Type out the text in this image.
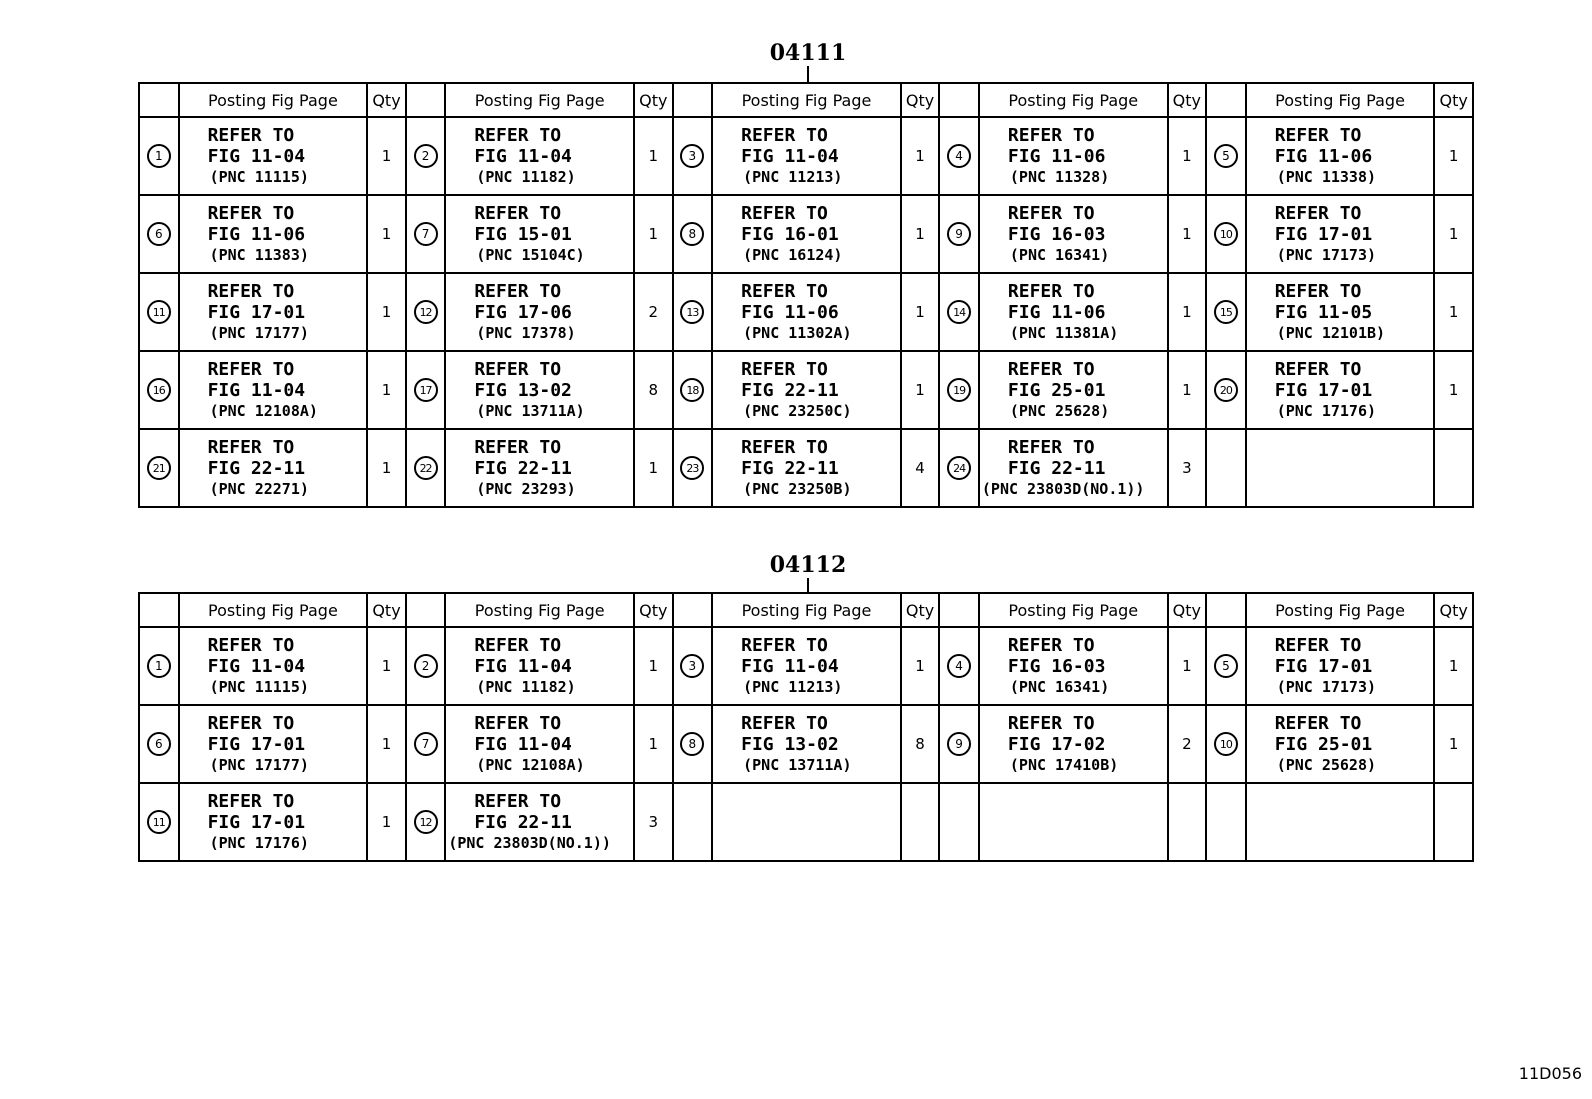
04111
	Posting Fig Page	Qty		Posting Fig Page	Qty		Posting Fig Page	Qty		Posting Fig Page	Qty		Posting Fig Page	Qty
1	REFER TO
FIG 11-04
(PNC 11115)	1	2	REFER TO
FIG 11-04
(PNC 11182)	1	3	REFER TO
FIG 11-04
(PNC 11213)	1	4	REFER TO
FIG 11-06
(PNC 11328)	1	5	REFER TO
FIG 11-06
(PNC 11338)	1
6	REFER TO
FIG 11-06
(PNC 11383)	1	7	REFER TO
FIG 15-01
(PNC 15104C)	1	8	REFER TO
FIG 16-01
(PNC 16124)	1	9	REFER TO
FIG 16-03
(PNC 16341)	1	10	REFER TO
FIG 17-01
(PNC 17173)	1
11	REFER TO
FIG 17-01
(PNC 17177)	1	12	REFER TO
FIG 17-06
(PNC 17378)	2	13	REFER TO
FIG 11-06
(PNC 11302A)	1	14	REFER TO
FIG 11-06
(PNC 11381A)	1	15	REFER TO
FIG 11-05
(PNC 12101B)	1
16	REFER TO
FIG 11-04
(PNC 12108A)	1	17	REFER TO
FIG 13-02
(PNC 13711A)	8	18	REFER TO
FIG 22-11
(PNC 23250C)	1	19	REFER TO
FIG 25-01
(PNC 25628)	1	20	REFER TO
FIG 17-01
(PNC 17176)	1
21	REFER TO
FIG 22-11
(PNC 22271)	1	22	REFER TO
FIG 22-11
(PNC 23293)	1	23	REFER TO
FIG 22-11
(PNC 23250B)	4	24	REFER TO
FIG 22-11
(PNC 23803D(NO.1))	3			
04112
	Posting Fig Page	Qty		Posting Fig Page	Qty		Posting Fig Page	Qty		Posting Fig Page	Qty		Posting Fig Page	Qty
1	REFER TO
FIG 11-04
(PNC 11115)	1	2	REFER TO
FIG 11-04
(PNC 11182)	1	3	REFER TO
FIG 11-04
(PNC 11213)	1	4	REFER TO
FIG 16-03
(PNC 16341)	1	5	REFER TO
FIG 17-01
(PNC 17173)	1
6	REFER TO
FIG 17-01
(PNC 17177)	1	7	REFER TO
FIG 11-04
(PNC 12108A)	1	8	REFER TO
FIG 13-02
(PNC 13711A)	8	9	REFER TO
FIG 17-02
(PNC 17410B)	2	10	REFER TO
FIG 25-01
(PNC 25628)	1
11	REFER TO
FIG 17-01
(PNC 17176)	1	12	REFER TO
FIG 22-11
(PNC 23803D(NO.1))	3									
11D056
